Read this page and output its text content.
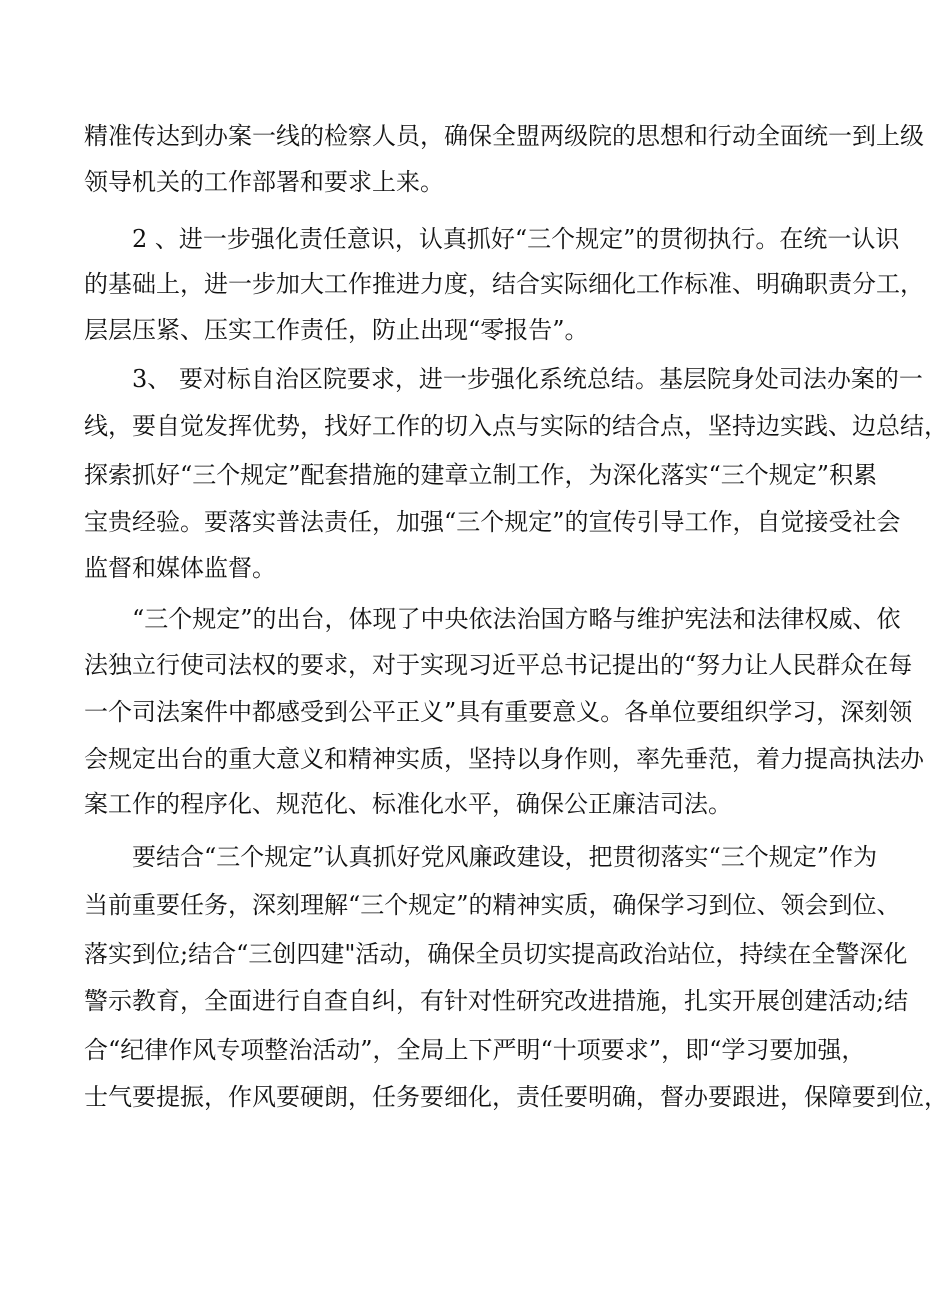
精准传达到办案一线的检察人员，确保全盟两级院的思想和行动全面统一到上级
领导机关的工作部署和要求上来。
2 、进一步强化责任意识，认真抓好“三个规定”的贯彻执行。在统一认识
的基础上，进一步加大工作推进力度，结合实际细化工作标准、明确职责分工，
层层压紧、压实工作责任，防止出现“零报告”。
3、 要对标自治区院要求，进一步强化系统总结。基层院身处司法办案的一
线，要自觉发挥优势，找好工作的切入点与实际的结合点，坚持边实践、边总结，
探索抓好“三个规定”配套措施的建章立制工作，为深化落实“三个规定”积累
宝贵经验。要落实普法责任，加强“三个规定”的宣传引导工作，自觉接受社会
监督和媒体监督。
“三个规定”的出台，体现了中央依法治国方略与维护宪法和法律权威、依
法独立行使司法权的要求，对于实现习近平总书记提出的“努力让人民群众在每
一个司法案件中都感受到公平正义”具有重要意义。各单位要组织学习，深刻领
会规定出台的重大意义和精神实质，坚持以身作则，率先垂范，着力提高执法办
案工作的程序化、规范化、标准化水平，确保公正廉洁司法。
要结合“三个规定”认真抓好党风廉政建设，把贯彻落实“三个规定”作为
当前重要任务，深刻理解“三个规定”的精神实质，确保学习到位、领会到位、
落实到位;结合“三创四建"活动，确保全员切实提高政治站位，持续在全警深化
警示教育，全面进行自查自纠，有针对性研究改进措施，扎实开展创建活动;结
合“纪律作风专项整治活动”，全局上下严明“十项要求”，即“学习要加强，
士气要提振，作风要硬朗，任务要细化，责任要明确，督办要跟进，保障要到位，
